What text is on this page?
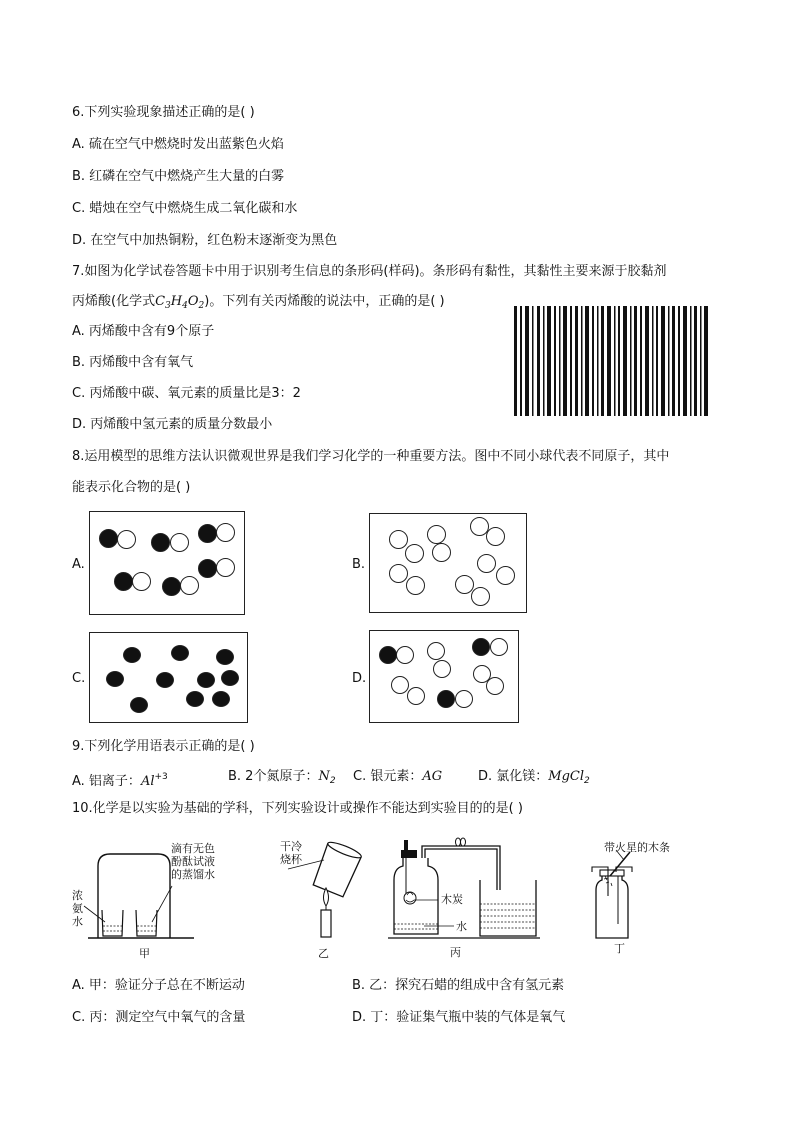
6.下列实验现象描述正确的是( )
A. 硫在空气中燃烧时发出蓝紫色火焰
B. 红磷在空气中燃烧产生大量的白雾
C. 蜡烛在空气中燃烧生成二氧化碳和水
D. 在空气中加热铜粉，红色粉末逐渐变为黑色
7.如图为化学试卷答题卡中用于识别考生信息的条形码(样码)。条形码有黏性，其黏性主要来源于胶黏剂
丙烯酸(化学式$C_3H_4O_2$)。下列有关丙烯酸的说法中，正确的是( )
A. 丙烯酸中含有9个原子
B. 丙烯酸中含有氧气
C. 丙烯酸中碳、氧元素的质量比是3：2
D. 丙烯酸中氢元素的质量分数最小
8.运用模型的思维方法认识微观世界是我们学习化学的一种重要方法。图中不同小球代表不同原子，其中
能表示化合物的是( )
A.	B.
C.	D.
9.下列化学用语表示正确的是( )
A. 铝离子：$Al^{+3}$	B. 2个氮原子：$N_2$ C. 银元素：AG	D. 氯化镁：MgCl$_2$
10.化学是以实验为基础的学科，下列实验设计或操作不能达到实验目的的是( )
浓
氨
水
滴有无色
酚酞试液
的蒸馏水
甲
干冷
烧杯
乙
木炭
水
丙
带火星的木条
丁
A. 甲：验证分子总在不断运动	B. 乙：探究石蜡的组成中含有氢元素
C. 丙：测定空气中氧气的含量	D. 丁：验证集气瓶中装的气体是氧气
